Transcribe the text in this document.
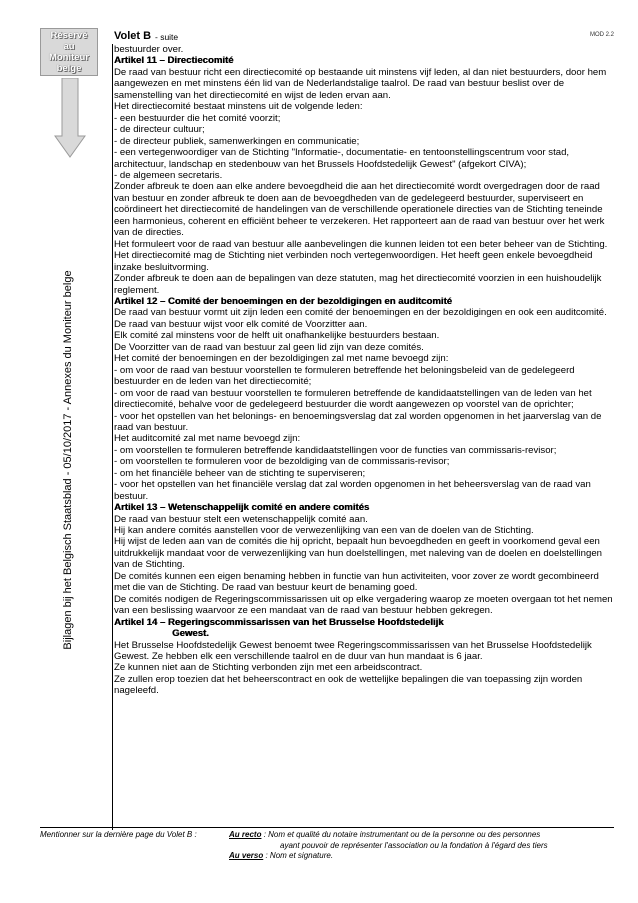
Réservé
au
Moniteur
belge
Bijlagen bij het Belgisch Staatsblad - 05/10/2017 - Annexes du Moniteur belge
MOD 2.2
Volet B - suite

bestuurder over.

Artikel 11 – Directiecomité

De raad van bestuur richt een directiecomité op bestaande uit minstens vijf leden, al dan niet bestuurders, door hem aangewezen en met minstens één lid van de Nederlandstalige taalrol. De raad van bestuur beslist over de samenstelling van het directiecomité en wijst de leden ervan aan.

Het directiecomité bestaat minstens uit de volgende leden:

- een bestuurder die het comité voorzit;

- de directeur cultuur;

- de directeur publiek, samenwerkingen en communicatie;

- een vertegenwoordiger van de Stichting "Informatie-, documentatie- en tentoonstellingscentrum voor stad, architectuur, landschap en stedenbouw van het Brussels Hoofdstedelijk Gewest" (afgekort CIVA);

- de algemeen secretaris.

Zonder afbreuk te doen aan elke andere bevoegdheid die aan het directiecomité wordt overgedragen door de raad van bestuur en zonder afbreuk te doen aan de bevoegdheden van de gedelegeerd bestuurder, superviseert en coördineert het directiecomité de handelingen van de verschillende operationele directies van de Stichting teneinde een harmonieus, coherent en efficiënt beheer te verzekeren. Het rapporteert aan de raad van bestuur over het werk van de directies.

Het formuleert voor de raad van bestuur alle aanbevelingen die kunnen leiden tot een beter beheer van de Stichting.

Het directiecomité mag de Stichting niet verbinden noch vertegenwoordigen. Het heeft geen enkele bevoegdheid inzake besluitvorming.

Zonder afbreuk te doen aan de bepalingen van deze statuten, mag het directiecomité voorzien in een huishoudelijk reglement.

Artikel 12 – Comité der benoemingen en der bezoldigingen en auditcomité

De raad van bestuur vormt uit zijn leden een comité der benoemingen en der bezoldigingen en ook een auditcomité. De raad van bestuur wijst voor elk comité de Voorzitter aan.

Elk comité zal minstens voor de helft uit onafhankelijke bestuurders bestaan.

De Voorzitter van de raad van bestuur zal geen lid zijn van deze comités.

Het comité der benoemingen en der bezoldigingen zal met name bevoegd zijn:

- om voor de raad van bestuur voorstellen te formuleren betreffende het beloningsbeleid van de gedelegeerd bestuurder en de leden van het directiecomité;

- om voor de raad van bestuur voorstellen te formuleren betreffende de kandidaatstellingen van de leden van het directiecomité, behalve voor de gedelegeerd bestuurder die wordt aangewezen op voorstel van de oprichter;

- voor het opstellen van het belonings- en benoemingsverslag dat zal worden opgenomen in het jaarverslag van de raad van bestuur.

Het auditcomité zal met name bevoegd zijn:

- om voorstellen te formuleren betreffende kandidaatstellingen voor de functies van commissaris-revisor;

- om voorstellen te formuleren voor de bezoldiging van de commissaris-revisor;

- om het financiële beheer van de stichting te superviseren;

- voor het opstellen van het financiële verslag dat zal worden opgenomen in het beheersverslag van de raad van bestuur.

Artikel 13 – Wetenschappelijk comité en andere comités

De raad van bestuur stelt een wetenschappelijk comité aan.

Hij kan andere comités aanstellen voor de verwezenlijking van een van de doelen van de Stichting.

Hij wijst de leden aan van de comités die hij opricht, bepaalt hun bevoegdheden en geeft in voorkomend geval een uitdrukkelijk mandaat voor de verwezenlijking van hun doelstellingen, met naleving van de doelen en doelstellingen van de Stichting.

De comités kunnen een eigen benaming hebben in functie van hun activiteiten, voor zover ze wordt gecombineerd met die van de Stichting. De raad van bestuur keurt de benaming goed.

De comités nodigen de Regeringscommissarissen uit op elke vergadering waarop ze moeten overgaan tot het nemen van een beslissing waarvoor ze een mandaat van de raad van bestuur hebben gekregen.

Artikel 14 – Regeringscommissarissen van het Brusselse Hoofdstedelijk

Gewest.

Het Brusselse Hoofdstedelijk Gewest benoemt twee Regeringscommissarissen van het Brusselse Hoofdstedelijk Gewest. Ze hebben elk een verschillende taalrol en de duur van hun mandaat is 6 jaar.

Ze kunnen niet aan de Stichting verbonden zijn met een arbeidscontract.

Ze zullen erop toezien dat het beheerscontract en ook de wettelijke bepalingen die van toepassing zijn worden nageleefd.

Mentionner sur la dernière page du Volet B :	Au recto : Nom et qualité du notaire instrumentant ou de la personne ou des personnes
ayant pouvoir de représenter l'association ou la fondation à l'égard des tiers
Au verso : Nom et signature.
